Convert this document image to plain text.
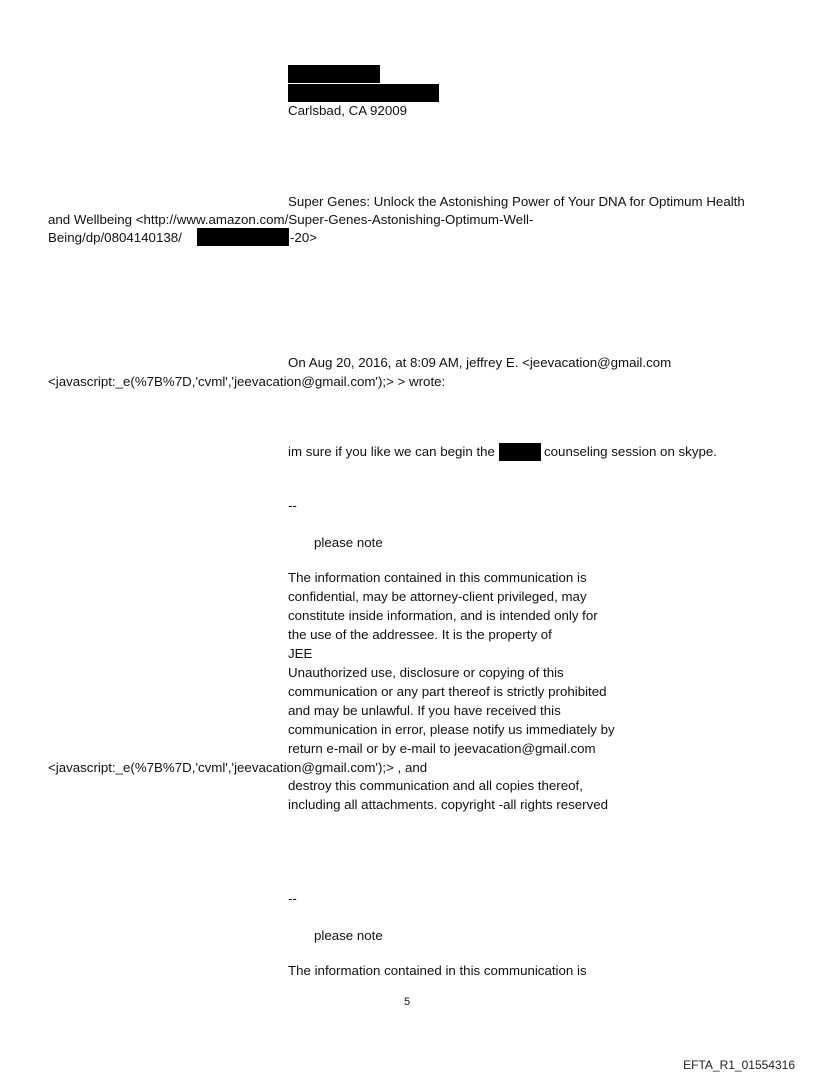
Carlsbad, CA 92009

Super Genes: Unlock the Astonishing Power of Your DNA for Optimum Health

and Wellbeing <http://www.amazon.com/Super-Genes-Astonishing-Optimum-Well-

Being/dp/0804140138/	-20>

On Aug 20, 2016, at 8:09 AM, jeffrey E. <jeevacation@gmail.com

<javascript:_e(%7B%7D,'cvml','jeevacation@gmail.com');> > wrote:

im sure if you like we can begin the	counseling session on skype.

--

please note

The information contained in this communication is
confidential, may be attorney-client privileged, may
constitute inside information, and is intended only for
the use of the addressee. It is the property of
JEE
Unauthorized use, disclosure or copying of this
communication or any part thereof is strictly prohibited
and may be unlawful. If you have received this
communication in error, please notify us immediately by
return e-mail or by e-mail to jeevacation@gmail.com

<javascript:_e(%7B%7D,'cvml','jeevacation@gmail.com');> , and

destroy this communication and all copies thereof,
including all attachments. copyright -all rights reserved

--

please note

The information contained in this communication is

5

EFTA_R1_01554316
